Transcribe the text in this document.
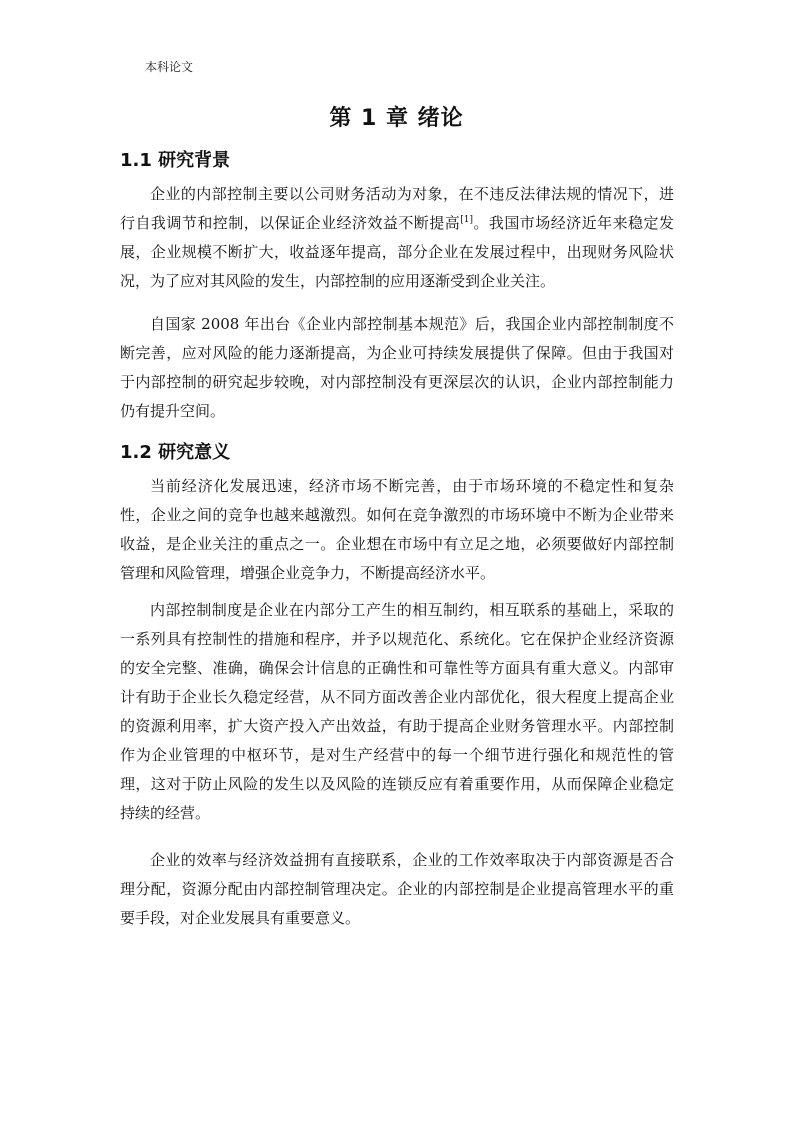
本科论文
第 1 章 绪论
1.1 研究背景

企业的内部控制主要以公司财务活动为对象，在不违反法律法规的情况下，进行自我调节和控制，以保证企业经济效益不断提高[1]。我国市场经济近年来稳定发展，企业规模不断扩大，收益逐年提高，部分企业在发展过程中，出现财务风险状况，为了应对其风险的发生，内部控制的应用逐渐受到企业关注。

自国家 2008 年出台《企业内部控制基本规范》后，我国企业内部控制制度不断完善，应对风险的能力逐渐提高，为企业可持续发展提供了保障。但由于我国对于内部控制的研究起步较晚，对内部控制没有更深层次的认识，企业内部控制能力仍有提升空间。

1.2 研究意义

当前经济化发展迅速，经济市场不断完善，由于市场环境的不稳定性和复杂性，企业之间的竞争也越来越激烈。如何在竞争激烈的市场环境中不断为企业带来收益，是企业关注的重点之一。企业想在市场中有立足之地，必须要做好内部控制管理和风险管理，增强企业竞争力，不断提高经济水平。

内部控制制度是企业在内部分工产生的相互制约，相互联系的基础上，采取的一系列具有控制性的措施和程序，并予以规范化、系统化。它在保护企业经济资源的安全完整、准确，确保会计信息的正确性和可靠性等方面具有重大意义。内部审计有助于企业长久稳定经营，从不同方面改善企业内部优化，很大程度上提高企业的资源利用率，扩大资产投入产出效益，有助于提高企业财务管理水平。内部控制作为企业管理的中枢环节，是对生产经营中的每一个细节进行强化和规范性的管理，这对于防止风险的发生以及风险的连锁反应有着重要作用，从而保障企业稳定持续的经营。

企业的效率与经济效益拥有直接联系，企业的工作效率取决于内部资源是否合理分配，资源分配由内部控制管理决定。企业的内部控制是企业提高管理水平的重要手段，对企业发展具有重要意义。
